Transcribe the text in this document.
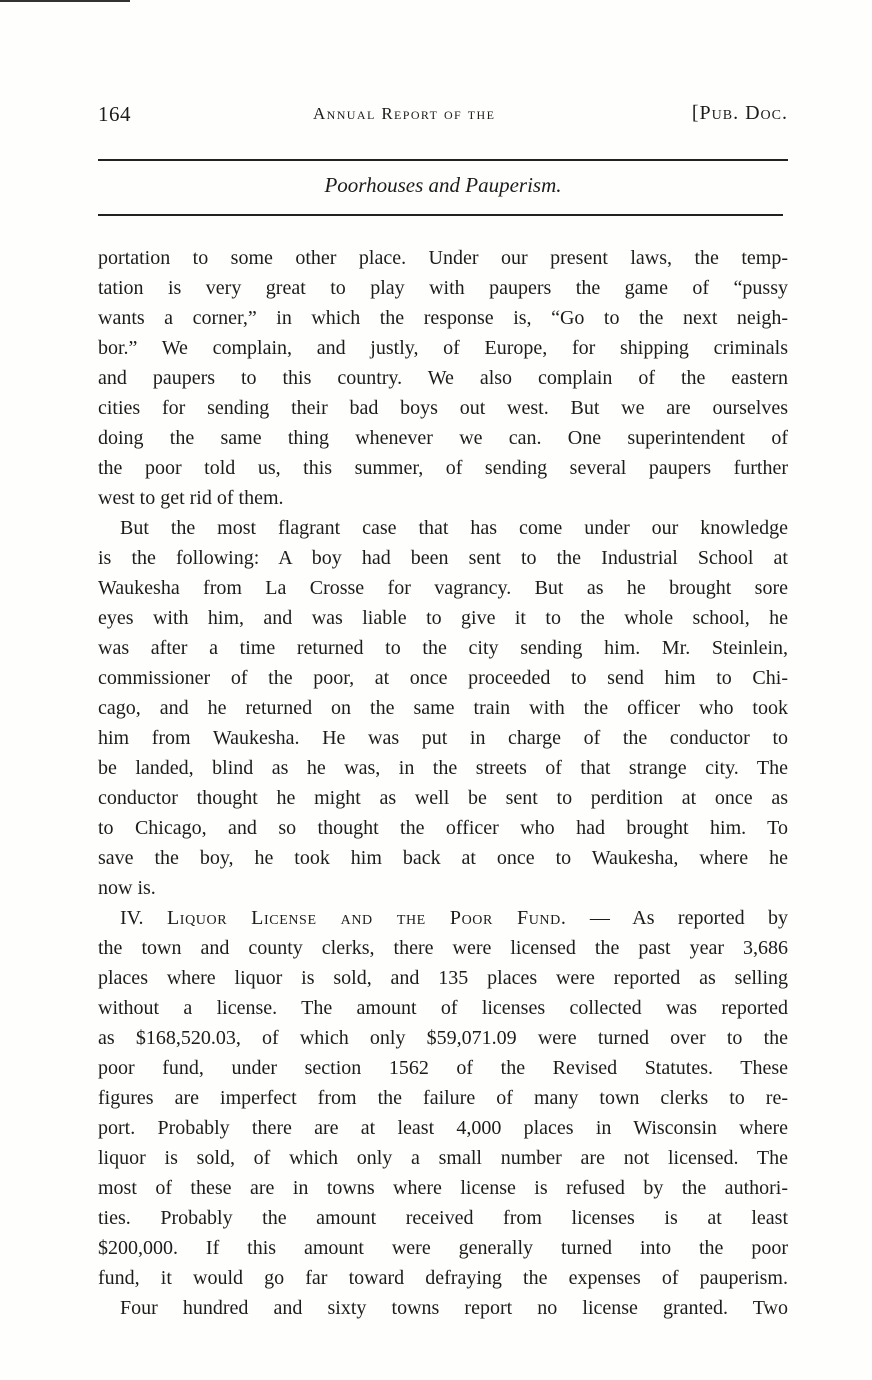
164	Annual Report of the	[Pub. Doc.
Poorhouses and Pauperism.
portation to some other place. Under our present laws, the temp-
tation is very great to play with paupers the game of “pussy
wants a corner,” in which the response is, “Go to the next neigh-
bor.” We complain, and justly, of Europe, for shipping criminals
and paupers to this country. We also complain of the eastern
cities for sending their bad boys out west. But we are ourselves
doing the same thing whenever we can. One superintendent of
the poor told us, this summer, of sending several paupers further
west to get rid of them.
But the most flagrant case that has come under our knowledge
is the following: A boy had been sent to the Industrial School at
Waukesha from La Crosse for vagrancy. But as he brought sore
eyes with him, and was liable to give it to the whole school, he
was after a time returned to the city sending him. Mr. Steinlein,
commissioner of the poor, at once proceeded to send him to Chi-
cago, and he returned on the same train with the officer who took
him from Waukesha. He was put in charge of the conductor to
be landed, blind as he was, in the streets of that strange city. The
conductor thought he might as well be sent to perdition at once as
to Chicago, and so thought the officer who had brought him. To
save the boy, he took him back at once to Waukesha, where he
now is.
IV. Liquor License and the Poor Fund. — As reported by
the town and county clerks, there were licensed the past year 3,686
places where liquor is sold, and 135 places were reported as selling
without a license. The amount of licenses collected was reported
as $168,520.03, of which only $59,071.09 were turned over to the
poor fund, under section 1562 of the Revised Statutes. These
figures are imperfect from the failure of many town clerks to re-
port. Probably there are at least 4,000 places in Wisconsin where
liquor is sold, of which only a small number are not licensed. The
most of these are in towns where license is refused by the authori-
ties. Probably the amount received from licenses is at least
$200,000. If this amount were generally turned into the poor
fund, it would go far toward defraying the expenses of pauperism.
Four hundred and sixty towns report no license granted. Two
